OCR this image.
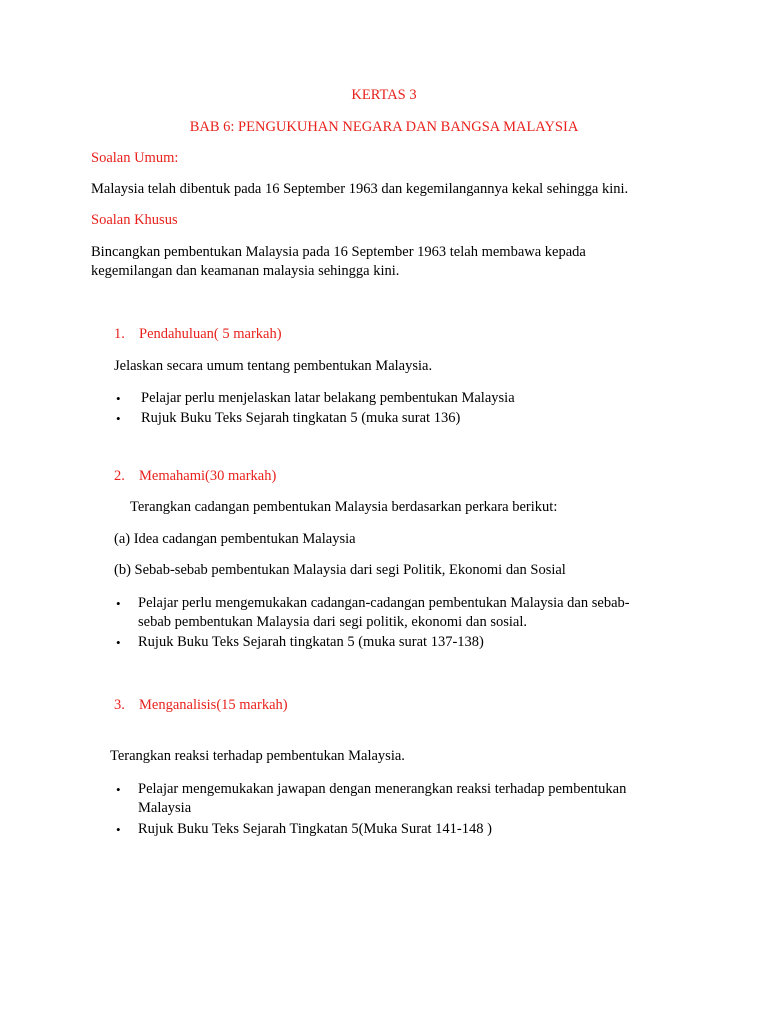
KERTAS 3
BAB 6: PENGUKUHAN NEGARA DAN BANGSA MALAYSIA
Soalan Umum:
Malaysia telah dibentuk pada 16 September 1963 dan kegemilangannya kekal sehingga kini.
Soalan Khusus
Bincangkan pembentukan Malaysia pada 16 September 1963 telah membawa kepada
kegemilangan dan keamanan malaysia sehingga kini.
1. Pendahuluan( 5 markah)
Jelaskan secara umum tentang pembentukan Malaysia.
• Pelajar perlu menjelaskan latar belakang pembentukan Malaysia
• Rujuk Buku Teks Sejarah tingkatan 5 (muka surat 136)
2. Memahami(30 markah)
Terangkan cadangan pembentukan Malaysia berdasarkan perkara berikut:
(a) Idea cadangan pembentukan Malaysia
(b) Sebab-sebab pembentukan Malaysia dari segi Politik, Ekonomi dan Sosial
• Pelajar perlu mengemukakan cadangan-cadangan pembentukan Malaysia dan sebab-
sebab pembentukan Malaysia dari segi politik, ekonomi dan sosial.
• Rujuk Buku Teks Sejarah tingkatan 5 (muka surat 137-138)
3. Menganalisis(15 markah)
Terangkan reaksi terhadap pembentukan Malaysia.
• Pelajar mengemukakan jawapan dengan menerangkan reaksi terhadap pembentukan
Malaysia
• Rujuk Buku Teks Sejarah Tingkatan 5(Muka Surat 141-148 )
